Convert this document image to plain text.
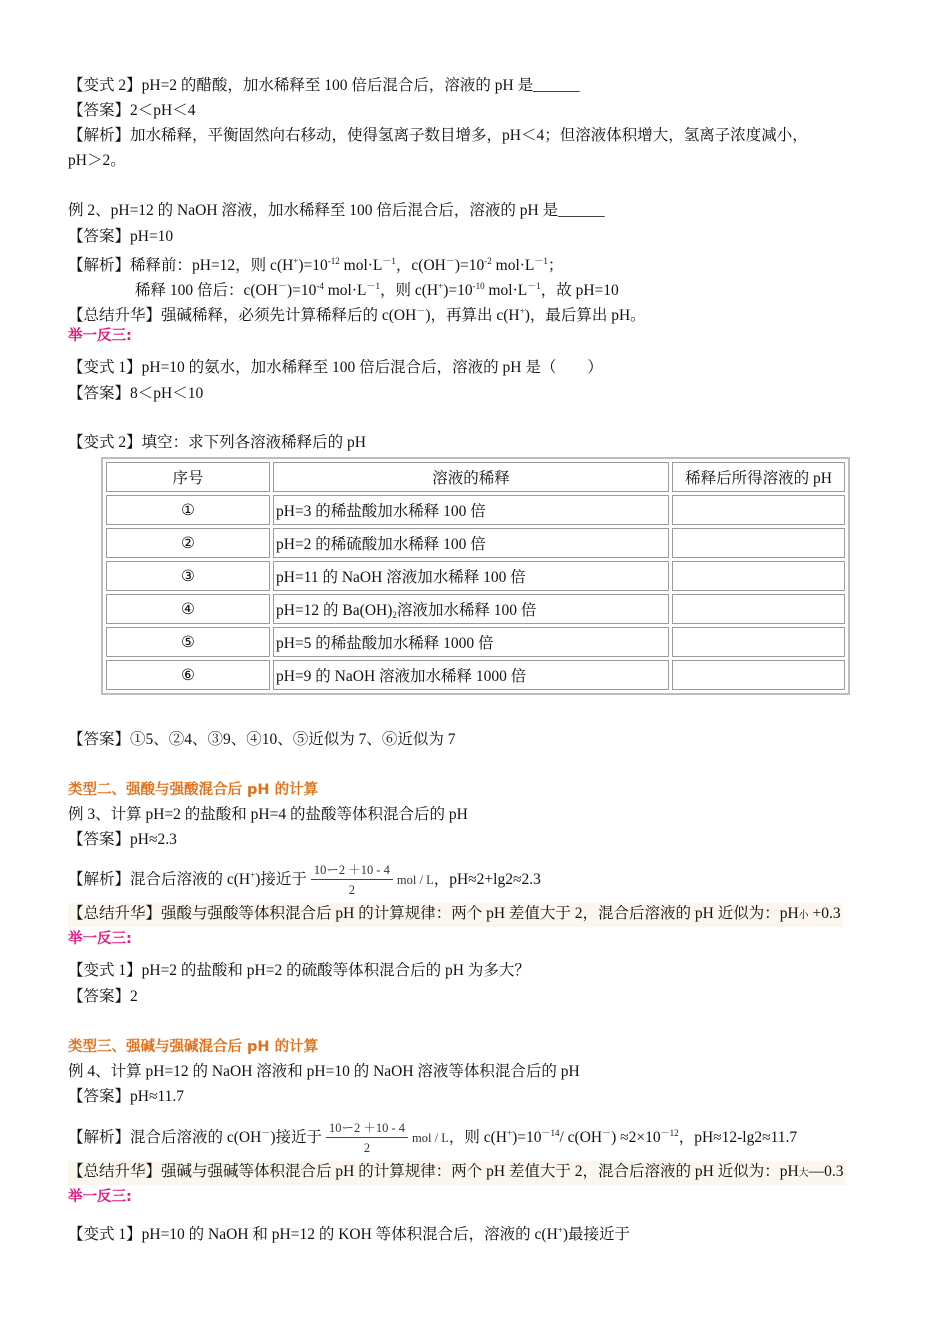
【变式 2】pH=2 的醋酸，加水稀释至 100 倍后混合后，溶液的 pH 是______
【答案】2＜pH＜4
【解析】加水稀释，平衡固然向右移动，使得氢离子数目增多，pH＜4；但溶液体积增大，氢离子浓度减小，
pH＞2。
例 2、pH=12 的 NaOH 溶液，加水稀释至 100 倍后混合后，溶液的 pH 是______
【答案】pH=10
【解析】稀释前：pH=12，则 $c(H^+)=10^{-12}$ $mol\cdot L^{-1}$，$c(OH^-)=10^{-2}$ $mol\cdot L^{-1}$；
稀释 100 倍后：$c(OH^-)=10^{-4}$ $mol\cdot L^{-1}$，则 $c(H^+)=10^{-10}$ $mol\cdot L^{-1}$，故 pH=10
【总结升华】强碱稀释，必须先计算稀释后的 c(OH－)，再算出 c(H+)，最后算出 pH。
举一反三:
【变式 1】pH=10 的氨水，加水稀释至 100 倍后混合后，溶液的 pH 是（　　）
【答案】8＜pH＜10
【变式 2】填空：求下列各溶液稀释后的 pH
序号	溶液的稀释	稀释后所得溶液的 pH
①	pH=3 的稀盐酸加水稀释 100 倍	
②	pH=2 的稀硫酸加水稀释 100 倍	
③	pH=11 的 NaOH 溶液加水稀释 100 倍	
④	pH=12 的 $Ba(OH)_2$溶液加水稀释 100 倍	
⑤	pH=5 的稀盐酸加水稀释 1000 倍	
⑥	pH=9 的 NaOH 溶液加水稀释 1000 倍	
【答案】①5、②4、③9、④10、⑤近似为 7、⑥近似为 7
类型二、强酸与强酸混合后 pH 的计算
例 3、计算 pH=2 的盐酸和 pH=4 的盐酸等体积混合后的 pH
【答案】pH≈2.3
【解析】混合后溶液的 c(H+)接近于 $\frac{\text{10ー2 ＋10 - 4}}{2}$ mol / L，pH≈2+lg2≈2.3
【总结升华】强酸与强酸等体积混合后 pH 的计算规律：两个 pH 差值大于 2，混合后溶液的 pH 近似为：pH小 +0.3
举一反三:
【变式 1】pH=2 的盐酸和 pH=2 的硫酸等体积混合后的 pH 为多大？
【答案】2
类型三、强碱与强碱混合后 pH 的计算
例 4、计算 pH=12 的 NaOH 溶液和 pH=10 的 NaOH 溶液等体积混合后的 pH
【答案】pH≈11.7
【解析】混合后溶液的 c(OH－)接近于 $\frac{\text{10ー2 ＋10 - 4}}{2}$ mol / L，则 $c(H^+)=10^{-14}/$ $c(OH^-) \approx 2\times 10^{-12}$，pH≈12-lg2≈11.7
【总结升华】强碱与强碱等体积混合后 pH 的计算规律：两个 pH 差值大于 2，混合后溶液的 pH 近似为：pH大—0.3
举一反三:
【变式 1】pH=10 的 NaOH 和 pH=12 的 KOH 等体积混合后，溶液的 c(H+)最接近于
